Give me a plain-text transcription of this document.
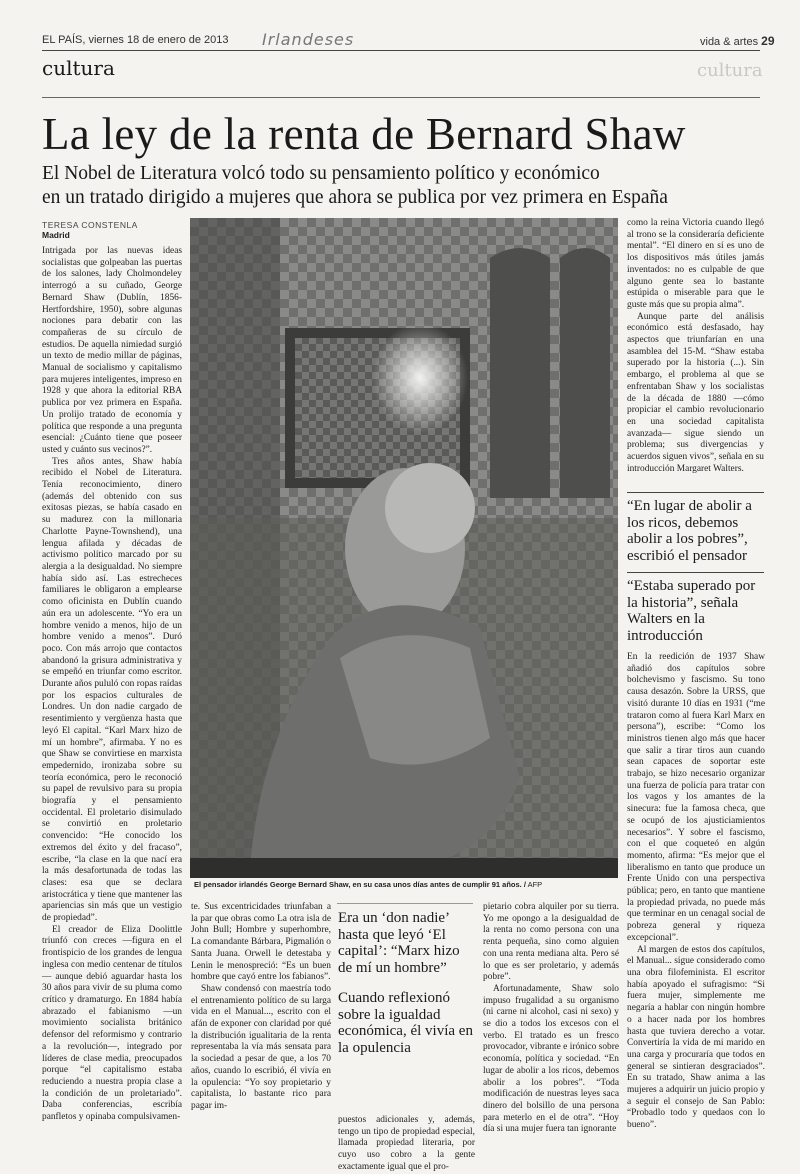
EL PAÍS, viernes 18 de enero de 2013 Irlandeses	vida & artes 29
cultura	cultura
La ley de la renta de Bernard Shaw
El Nobel de Literatura volcó todo su pensamiento político y económico
en un tratado dirigido a mujeres que ahora se publica por vez primera en España
TERESA CONSTENLA
Madrid

Intrigada por las nuevas ideas socialistas que golpeaban las puertas de los salones, lady Cholmondeley interrogó a su cuñado, George Bernard Shaw (Dublín, 1856-Hertfordshire, 1950), sobre algunas nociones para debatir con las compañeras de su círculo de estudios. De aquella nimiedad surgió un texto de medio millar de páginas, Manual de socialismo y capitalismo para mujeres inteligentes, impreso en 1928 y que ahora la editorial RBA publica por vez primera en España. Un prolijo tratado de economía y política que responde a una pregunta esencial: ¿Cuánto tiene que poseer usted y cuánto sus vecinos?”.

Tres años antes, Shaw había recibido el Nobel de Literatura. Tenía reconocimiento, dinero (además del obtenido con sus exitosas piezas, se había casado en su madurez con la millonaria Charlotte Payne-Townshend), una lengua afilada y décadas de activismo político marcado por su alergia a la desigualdad. No siempre había sido así. Las estrecheces familiares le obligaron a emplearse como oficinista en Dublín cuando aún era un adolescente. “Yo era un hombre venido a menos, hijo de un hombre venido a menos”. Duró poco. Con más arrojo que contactos abandonó la grisura administrativa y se empeñó en triunfar como escritor. Durante años pululó con ropas raídas por los espacios culturales de Londres. Un don nadie cargado de resentimiento y vergüenza hasta que leyó El capital. “Karl Marx hizo de mí un hombre”, afirmaba. Y no es que Shaw se convirtiese en marxista empedernido, ironizaba sobre su teoría económica, pero le reconoció su papel de revulsivo para su propia biografía y el pensamiento occidental. El proletario disimulado se convirtió en proletario convencido: “He conocido los extremos del éxito y del fracaso”, escribe, “la clase en la que nací era la más desafortunada de todas las clases: esa que se declara aristocrática y tiene que mantener las apariencias sin más que un vestigio de propiedad”.

El creador de Eliza Doolittle triunfó con creces —figura en el frontispicio de los grandes de lengua inglesa con medio centenar de títulos— aunque debió aguardar hasta los 30 años para vivir de su pluma como crítico y dramaturgo. En 1884 había abrazado el fabianismo —un movimiento socialista británico defensor del reformismo y contrario a la revolución—, integrado por líderes de clase media, preocupados porque “el capitalismo estaba reduciendo a nuestra propia clase a la condición de un proletariado”. Daba conferencias, escribía panfletos y opinaba compulsivamen-

El pensador irlandés George Bernard Shaw, en su casa unos días antes de cumplir 91 años. / AFP

te. Sus excentricidades triunfaban a la par que obras como La otra isla de John Bull; Hombre y superhombre, La comandante Bárbara, Pigmalión o Santa Juana. Orwell le detestaba y Lenin le menospreció: “Es un buen hombre que cayó entre los fabianos”.

Shaw condensó con maestría todo el entrenamiento político de su larga vida en el Manual..., escrito con el afán de exponer con claridad por qué la distribución igualitaria de la renta representaba la vía más sensata para la sociedad a pesar de que, a los 70 años, cuando lo escribió, él vivía en la opulencia: “Yo soy propietario y capitalista, lo bastante rico para pagar im-

Era un ‘don nadie’ hasta que leyó ‘El capital’: “Marx hizo de mí un hombre”
Cuando reflexionó sobre la igualdad económica, él vivía en la opulencia

puestos adicionales y, además, tengo un tipo de propiedad especial, llamada propiedad literaria, por cuyo uso cobro a la gente exactamente igual que el pro-

pietario cobra alquiler por su tierra. Yo me opongo a la desigualdad de la renta no como persona con una renta pequeña, sino como alguien con una renta mediana alta. Pero sé lo que es ser proletario, y además pobre”.

Afortunadamente, Shaw solo impuso frugalidad a su organismo (ni carne ni alcohol, casi ni sexo) y se dio a todos los excesos con el verbo. El tratado es un fresco provocador, vibrante e irónico sobre economía, política y sociedad. “En lugar de abolir a los ricos, debemos abolir a los pobres”. “Toda modificación de nuestras leyes saca dinero del bolsillo de una persona para meterlo en el de otra”. “Hoy día si una mujer fuera tan ignorante

como la reina Victoria cuando llegó al trono se la consideraría deficiente mental”. “El dinero en sí es uno de los dispositivos más útiles jamás inventados: no es culpable de que alguno gente sea lo bastante estúpida o miserable para que le guste más que su propia alma”.

Aunque parte del análisis económico está desfasado, hay aspectos que triunfarían en una asamblea del 15-M. “Shaw estaba superado por la historia (...). Sin embargo, el problema al que se enfrentaban Shaw y los socialistas de la década de 1880 —cómo propiciar el cambio revolucionario en una sociedad capitalista avanzada— sigue siendo un problema; sus divergencias y acuerdos siguen vivos”, señala en su introducción Margaret Walters.

“En lugar de abolir a los ricos, debemos abolir a los pobres”, escribió el pensador
“Estaba superado por la historia”, señala Walters en la introducción

En la reedición de 1937 Shaw añadió dos capítulos sobre bolchevismo y fascismo. Su tono causa desazón. Sobre la URSS, que visitó durante 10 días en 1931 (“me trataron como al fuera Karl Marx en persona”), escribe: “Como los ministros tienen algo más que hacer que salir a tirar tiros aun cuando sean capaces de soportar este trabajo, se hizo necesario organizar una fuerza de policía para tratar con los vagos y los amantes de la sinecura: fue la famosa checa, que se ocupó de los ajusticiamientos necesarios”. Y sobre el fascismo, con el que coqueteó en algún momento, afirma: “Es mejor que el liberalismo en tanto que produce un Frente Unido con una perspectiva pública; pero, en tanto que mantiene la propiedad privada, no puede más que terminar en un cenagal social de pobreza general y riqueza excepcional”.

Al margen de estos dos capítulos, el Manual... sigue considerado como una obra filofeminista. El escritor había apoyado el sufragismo: “Si fuera mujer, simplemente me negaría a hablar con ningún hombre o a hacer nada por los hombres hasta que tuviera derecho a votar. Convertiría la vida de mi marido en una carga y procuraría que todos en general se sintieran desgraciados”. En su tratado, Shaw anima a las mujeres a adquirir un juicio propio y a seguir el consejo de San Pablo: “Probadlo todo y quedaos con lo bueno”.
